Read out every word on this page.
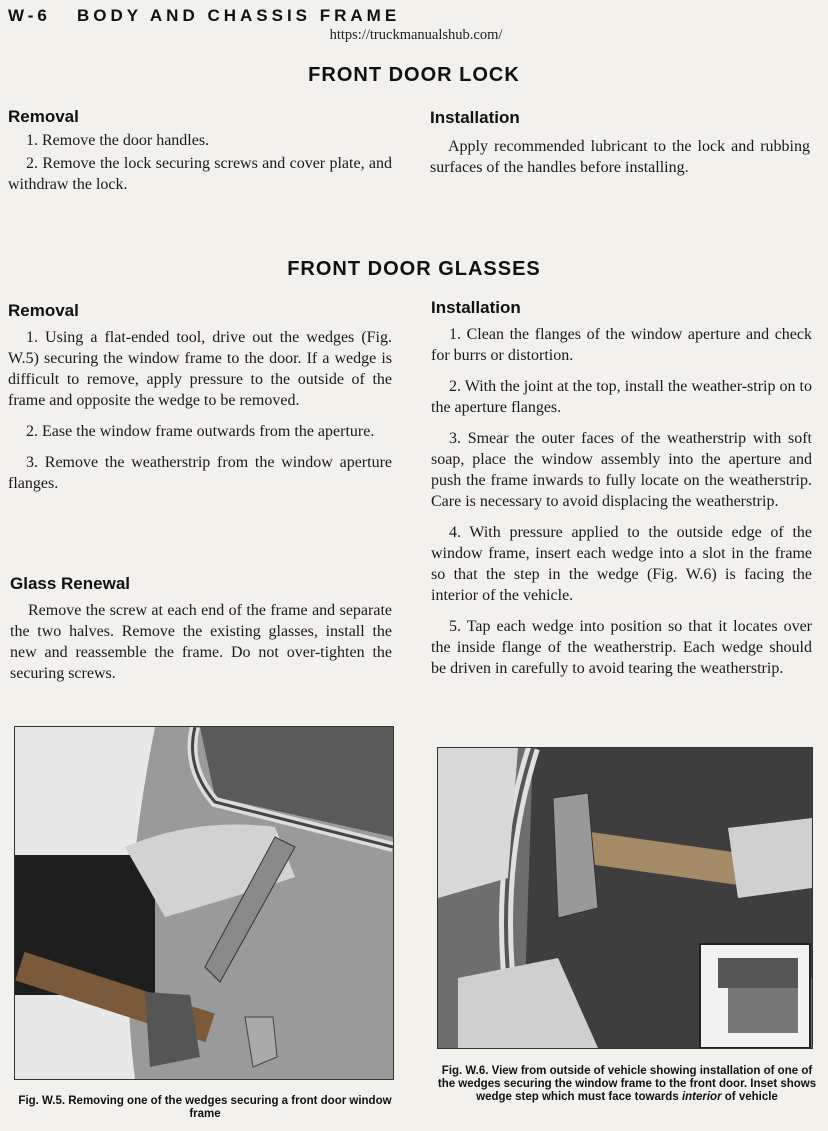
W-6   BODY AND CHASSIS FRAME
https://truckmanualshub.com/
FRONT DOOR LOCK
Removal

1. Remove the door handles.

2. Remove the lock securing screws and cover plate, and withdraw the lock.

Installation

Apply recommended lubricant to the lock and rubbing surfaces of the handles before installing.

FRONT DOOR GLASSES
Removal

1. Using a flat-ended tool, drive out the wedges (Fig. W.5) securing the window frame to the door. If a wedge is difficult to remove, apply pressure to the outside of the frame and opposite the wedge to be removed.

2. Ease the window frame outwards from the aperture.

3. Remove the weatherstrip from the window aperture flanges.

Glass Renewal

Remove the screw at each end of the frame and separate the two halves. Remove the existing glasses, install the new and reassemble the frame. Do not over-tighten the securing screws.

Installation

1. Clean the flanges of the window aperture and check for burrs or distortion.

2. With the joint at the top, install the weather-strip on to the aperture flanges.

3. Smear the outer faces of the weatherstrip with soft soap, place the window assembly into the aperture and push the frame inwards to fully locate on the weatherstrip. Care is necessary to avoid displacing the weatherstrip.

4. With pressure applied to the outside edge of the window frame, insert each wedge into a slot in the frame so that the step in the wedge (Fig. W.6) is facing the interior of the vehicle.

5. Tap each wedge into position so that it locates over the inside flange of the weatherstrip. Each wedge should be driven in carefully to avoid tearing the weatherstrip.

Fig. W.5. Removing one of the wedges securing a front door window frame
Fig. W.6. View from outside of vehicle showing installation of one of the wedges securing the window frame to the front door. Inset shows wedge step which must face towards interior of vehicle
